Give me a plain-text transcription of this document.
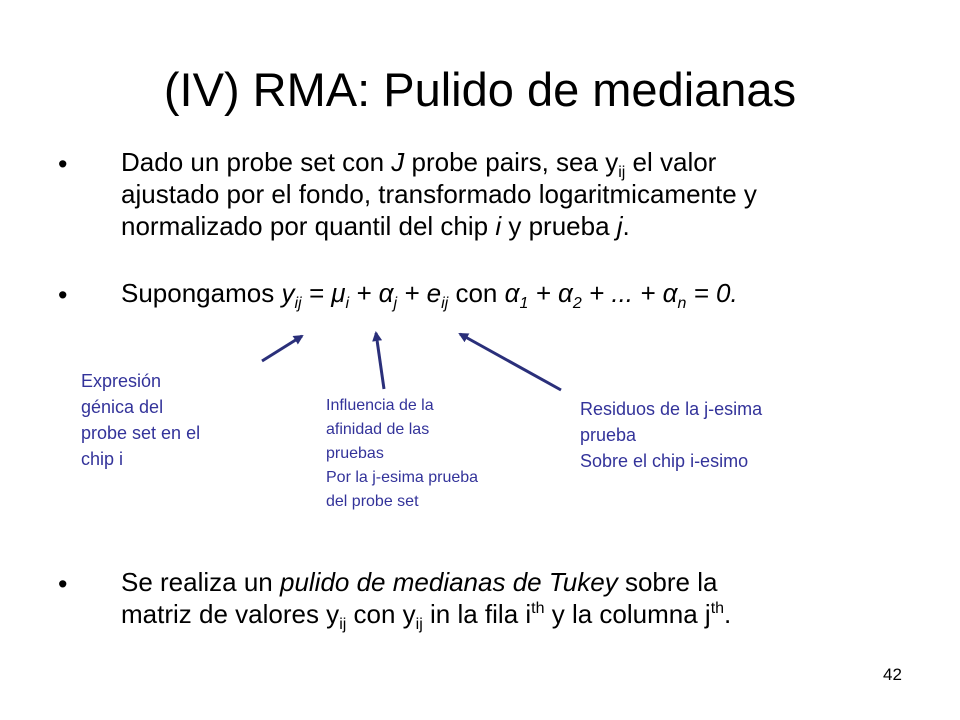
(IV) RMA: Pulido de medianas
• Dado un probe set con J probe pairs, sea $y_{ij}$ el valor
ajustado por el fondo, transformado logaritmicamente y
normalizado por quantil del chip i y prueba j.
• Supongamos $y_{ij} = \mu_i + \alpha_j + e_{ij}$ con $\alpha_1 + \alpha_2$ + ... + $\alpha_n = 0$.
Expresión
génica del
probe set en el
chip i
Influencia de la
afinidad de las
pruebas
Por la j-esima prueba
del probe set
Residuos de la j-esima
prueba
Sobre el chip i-esimo
• Se realiza un pulido de medianas de Tukey sobre la
matriz de valores $y_{ij}$ con $y_{ij}$ in la fila $i^{th}$ y la columna $j^{th}$.
42
